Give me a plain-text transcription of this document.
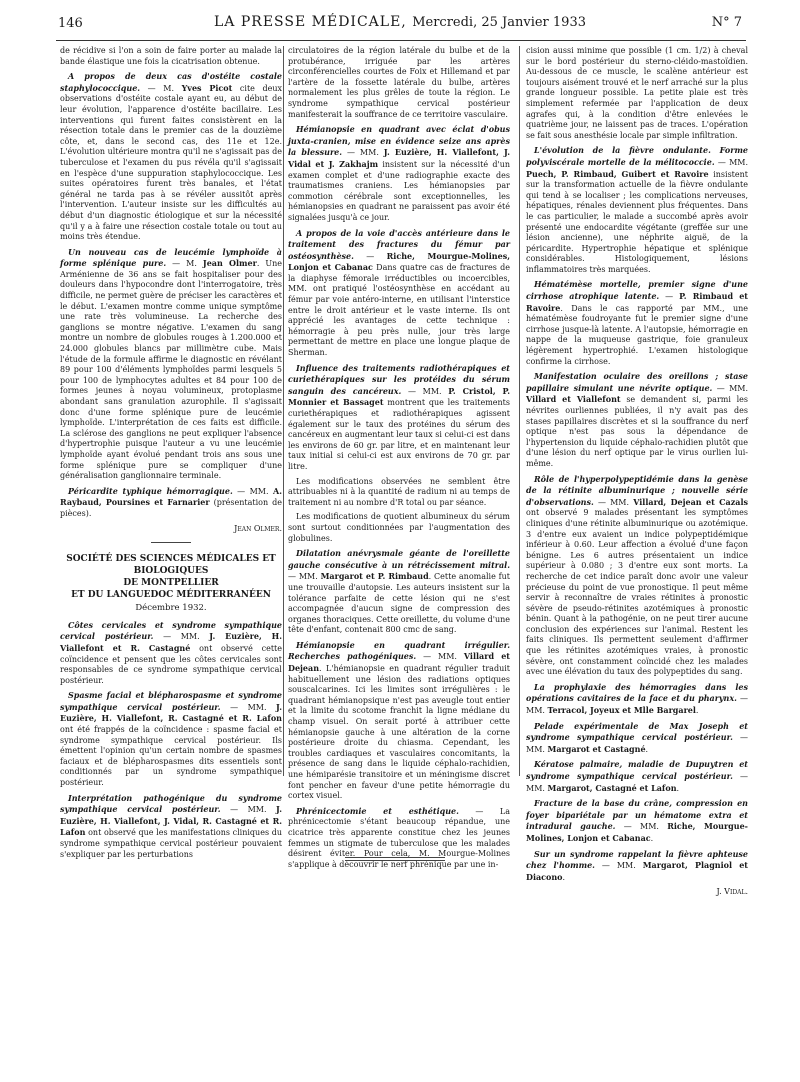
146	LA PRESSE MÉDICALE, Mercredi, 25 Janvier 1933	N° 7

de récidive si l'on a soin de faire porter au malade la bande élastique une fois la cicatrisation obtenue.

A propos de deux cas d'ostéite costale staphylococcique. — M. Yves Picot cite deux observations d'ostéite costale ayant eu, au début de leur évolution, l'apparence d'ostéite bacillaire. Les interventions qui furent faites consistèrent en la résection totale dans le premier cas de la douzième côte, et, dans le second cas, des 11e et 12e. L'évolution ultérieure montra qu'il ne s'agissait pas de tuberculose et l'examen du pus révéla qu'il s'agissait en l'espèce d'une suppuration staphylococcique. Les suites opératoires furent très banales, et l'état général ne tarda pas à se révéler aussitôt après l'intervention. L'auteur insiste sur les difficultés au début d'un diagnostic étiologique et sur la nécessité qu'il y a à faire une résection costale totale ou tout au moins très étendue.

Un nouveau cas de leucémie lymphoïde à forme splénique pure. — M. Jean Olmer. Une Arménienne de 36 ans se fait hospitaliser pour des douleurs dans l'hypocondre dont l'interrogatoire, très difficile, ne permet guère de préciser les caractères et le début. L'examen montre comme unique symptôme une rate très volumineuse. La recherche des ganglions se montre négative. L'examen du sang montre un nombre de globules rouges à 1.200.000 et 24.000 globules blancs par millimètre cube. Mais l'étude de la formule affirme le diagnostic en révélant 89 pour 100 d'éléments lymphoïdes parmi lesquels 5 pour 100 de lymphocytes adultes et 84 pour 100 de formes jeunes à noyau volumineux, protoplasme abondant sans granulation azurophile. Il s'agissait donc d'une forme splénique pure de leucémie lymphoïde. L'interprétation de ces faits est difficile. La sclérose des ganglions ne peut expliquer l'absence d'hypertrophie puisque l'auteur a vu une leucémie lymphoïde ayant évolué pendant trois ans sous une forme splénique pure se compliquer d'une généralisation ganglionnaire terminale.

Péricardite typhique hémorragique. — MM. A. Raybaud, Poursines et Farnarier (présentation de pièces).

Jean Olmer.
SOCIÉTÉ DES SCIENCES MÉDICALES ET BIOLOGIQUES
DE MONTPELLIER
ET DU LANGUEDOC MÉDITERRANÉEN
Décembre 1932.

Côtes cervicales et syndrome sympathique cervical postérieur. — MM. J. Euzière, H. Viallefont et R. Castagné ont observé cette coïncidence et pensent que les côtes cervicales sont responsables de ce syndrome sympathique cervical postérieur.

Spasme facial et blépharospasme et syndrome sympathique cervical postérieur. — MM. J. Euzière, H. Viallefont, R. Castagné et R. Lafon ont été frappés de la coïncidence : spasme facial et syndrome sympathique cervical postérieur. Ils émettent l'opinion qu'un certain nombre de spasmes faciaux et de blépharospasmes dits essentiels sont conditionnés par un syndrome sympathique postérieur.

Interprétation pathogénique du syndrome sympathique cervical postérieur. — MM. J. Euzière, H. Viallefont, J. Vidal, R. Castagné et R. Lafon ont observé que les manifestations cliniques du syndrome sympathique cervical postérieur pouvaient s'expliquer par les perturbations

circulatoires de la région latérale du bulbe et de la protubérance, irriguée par les artères circonférencielles courtes de Foix et Hillemand et par l'artère de la fossette latérale du bulbe, artères normalement les plus grêles de toute la région. Le syndrome sympathique cervical postérieur manifesterait la souffrance de ce territoire vasculaire.

Hémianopsie en quadrant avec éclat d'obus juxta-cranien, mise en évidence seize ans après la blessure. — MM. J. Euzière, H. Viallefont, J. Vidal et J. Zakhajm insistent sur la nécessité d'un examen complet et d'une radiographie exacte des traumatismes craniens. Les hémianopsies par commotion cérébrale sont exceptionnelles, les hémianopsies en quadrant ne paraissent pas avoir été signalées jusqu'à ce jour.

A propos de la voie d'accès antérieure dans le traitement des fractures du fémur par ostéosynthèse. — Riche, Mourgue-Molines, Lonjon et Cabanac Dans quatre cas de fractures de la diaphyse fémorale irréductibles ou incoercibles, MM. ont pratiqué l'ostéosynthèse en accédant au fémur par voie antéro-interne, en utilisant l'interstice entre le droit antérieur et le vaste interne. Ils ont apprécié les avantages de cette technique : hémorragie à peu près nulle, jour très large permettant de mettre en place une longue plaque de Sherman.

Influence des traitements radiothérapiques et curiethérapiques sur les protéides du sérum sanguin des cancéreux. — MM. P. Cristol, P. Monnier et Bassaget montrent que les traitements curiethérapiques et radiothérapiques agissent également sur le taux des protéines du sérum des cancéreux en augmentant leur taux si celui-ci est dans les environs de 60 gr. par litre, et en maintenant leur taux initial si celui-ci est aux environs de 70 gr. par litre.

Les modifications observées ne semblent être attribuables ni à la quantité de radium ni au temps de traitement ni au nombre d'R total ou par séance.

Les modifications de quotient albumineux du sérum sont surtout conditionnées par l'augmentation des globulines.

Dilatation anévrysmale géante de l'oreillette gauche consécutive à un rétrécissement mitral. — MM. Margarot et P. Rimbaud. Cette anomalie fut une trouvaille d'autopsie. Les auteurs insistent sur la tolérance parfaite de cette lésion qui ne s'est accompagnée d'aucun signe de compression des organes thoraciques. Cette oreillette, du volume d'une tête d'enfant, contenait 800 cmc de sang.

Hémianopsie en quadrant irrégulier. Recherches pathogéniques. — MM. Villard et Dejean. L'hémianopsie en quadrant régulier traduit habituellement une lésion des radiations optiques souscalcarines. Ici les limites sont irrégulières : le quadrant hémianopsique n'est pas aveugle tout entier et la limite du scotome franchit la ligne médiane du champ visuel. On serait porté à attribuer cette hémianopsie gauche à une altération de la corne postérieure droite du chiasma. Cependant, les troubles cardiaques et vasculaires concomitants, la présence de sang dans le liquide céphalo-rachidien, une hémiparésie transitoire et un méningisme discret font pencher en faveur d'une petite hémorragie du cortex visuel.

Phrénicectomie et esthétique. — La phrénicectomie s'étant beaucoup répandue, une cicatrice très apparente constitue chez les jeunes femmes un stigmate de tuberculose que les malades désirent éviter. Pour cela, M. Mourgue-Molines s'applique à découvrir le nerf phrénique par une in-

cision aussi minime que possible (1 cm. 1/2) à cheval sur le bord postérieur du sterno-cléido-mastoïdien. Au-dessous de ce muscle, le scalène antérieur est toujours aisément trouvé et le nerf arraché sur la plus grande longueur possible. La petite plaie est très simplement refermée par l'application de deux agrafes qui, à la condition d'être enlevées le quatrième jour, ne laissent pas de traces. L'opération se fait sous anesthésie locale par simple infiltration.

L'évolution de la fièvre ondulante. Forme polyviscérale mortelle de la mélitococcie. — MM. Puech, P. Rimbaud, Guibert et Ravoire insistent sur la transformation actuelle de la fièvre ondulante qui tend à se localiser ; les complications nerveuses, hépatiques, rénales deviennent plus fréquentes. Dans le cas particulier, le malade a succombé après avoir présenté une endocardite végétante (greffée sur une lésion ancienne), une néphrite aiguë, de la péricardite. Hypertrophie hépatique et splénique considérables. Histologiquement, lésions inflammatoires très marquées.

Hématémèse mortelle, premier signe d'une cirrhose atrophique latente. — P. Rimbaud et Ravoire. Dans le cas rapporté par MM., une hématémèse foudroyante fut le premier signe d'une cirrhose jusque-là latente. A l'autopsie, hémorragie en nappe de la muqueuse gastrique, foie granuleux légèrement hypertrophié. L'examen histologique confirme la cirrhose.

Manifestation oculaire des oreillons ; stase papillaire simulant une névrite optique. — MM. Villard et Viallefont se demandent si, parmi les névrites ourliennes publiées, il n'y avait pas des stases papillaires discrètes et si la souffrance du nerf optique n'est pas sous la dépendance de l'hypertension du liquide céphalo-rachidien plutôt que d'une lésion du nerf optique par le virus ourlien lui-même.

Rôle de l'hyperpolypeptidémie dans la genèse de la rétinite albuminurique ; nouvelle série d'observations. — MM. Villard, Dejean et Cazals ont observé 9 malades présentant les symptômes cliniques d'une rétinite albuminurique ou azotémique. 3 d'entre eux avaient un indice polypeptidémique inférieur à 0.60. Leur affection a évolué d'une façon bénigne. Les 6 autres présentaient un indice supérieur à 0.080 ; 3 d'entre eux sont morts. La recherche de cet indice paraît donc avoir une valeur précieuse du point de vue pronostique. Il peut même servir à reconnaître de vraies rétinites à pronostic sévère de pseudo-rétinites azotémiques à pronostic bénin. Quant à la pathogénie, on ne peut tirer aucune conclusion des expériences sur l'animal. Restent les faits cliniques. Ils permettent seulement d'affirmer que les rétinites azotémiques vraies, à pronostic sévère, ont constamment coïncidé chez les malades avec une élévation du taux des polypeptides du sang.

La prophylaxie des hémorragies dans les opérations cavitaires de la face et du pharynx. — MM. Terracol, Joyeux et Mlle Bargarel.

Pelade expérimentale de Max Joseph et syndrome sympathique cervical postérieur. — MM. Margarot et Castagné.

Kératose palmaire, maladie de Dupuytren et syndrome sympathique cervical postérieur. — MM. Margarot, Castagné et Lafon.

Fracture de la base du crâne, compression en foyer bipariétale par un hématome extra et intradural gauche. — MM. Riche, Mourgue-Molines, Lonjon et Cabanac.

Sur un syndrome rappelant la fièvre aphteuse chez l'homme. — MM. Margarot, Plagniol et Diacono.

J. Vidal.
